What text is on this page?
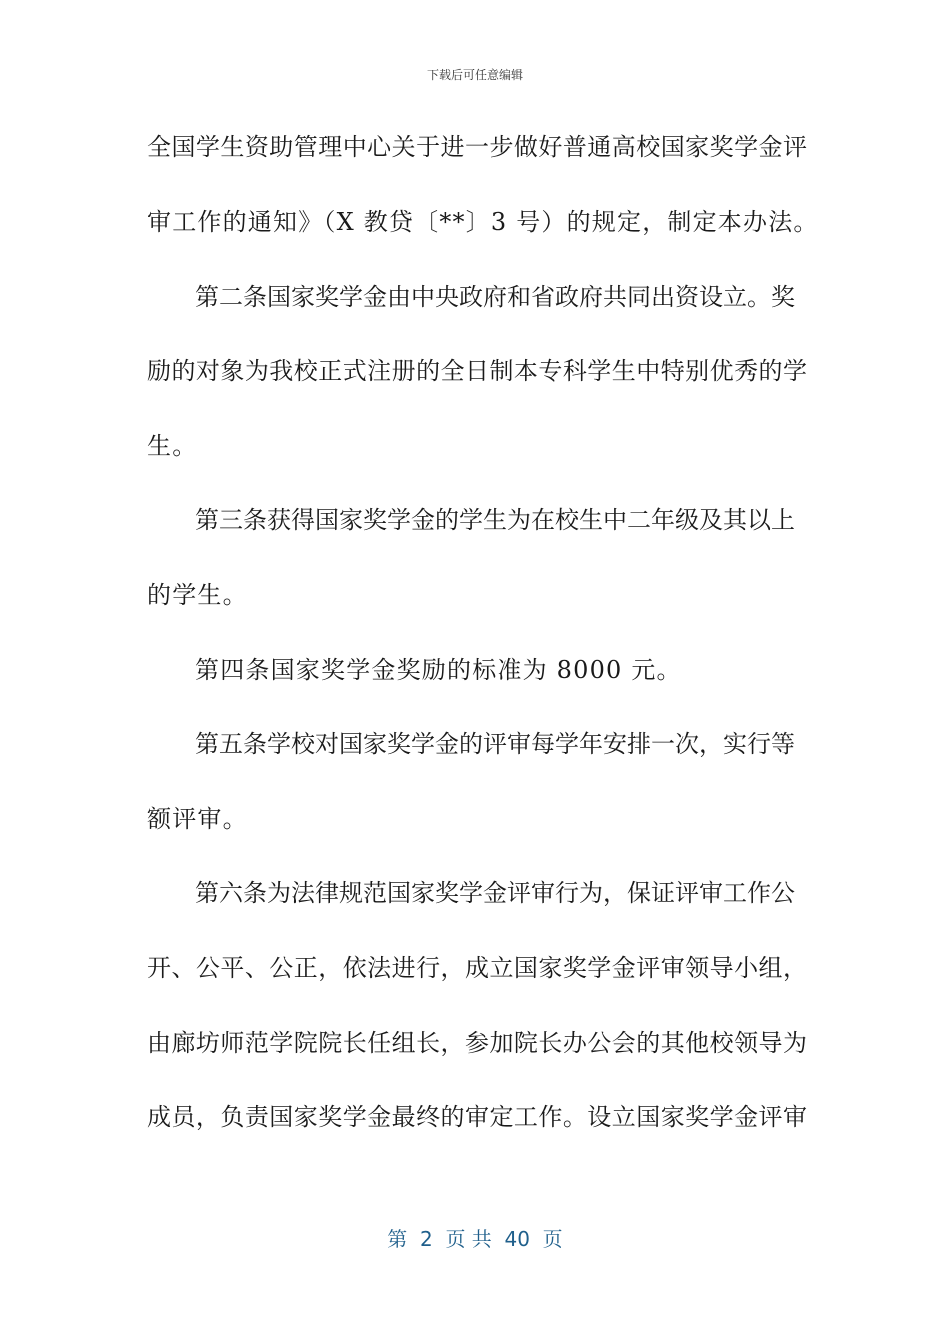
下载后可任意编辑
全国学生资助管理中心关于进一步做好普通高校国家奖学金评
审工作的通知》（X 教贷〔**〕3 号）的规定，制定本办法。
第二条国家奖学金由中央政府和省政府共同出资设立。奖
励的对象为我校正式注册的全日制本专科学生中特别优秀的学
生。
第三条获得国家奖学金的学生为在校生中二年级及其以上
的学生。
第四条国家奖学金奖励的标准为 8000 元。
第五条学校对国家奖学金的评审每学年安排一次，实行等
额评审。
第六条为法律规范国家奖学金评审行为，保证评审工作公
开、公平、公正，依法进行，成立国家奖学金评审领导小组，
由廊坊师范学院院长任组长，参加院长办公会的其他校领导为
成员，负责国家奖学金最终的审定工作。设立国家奖学金评审
第  2  页 共  40  页
